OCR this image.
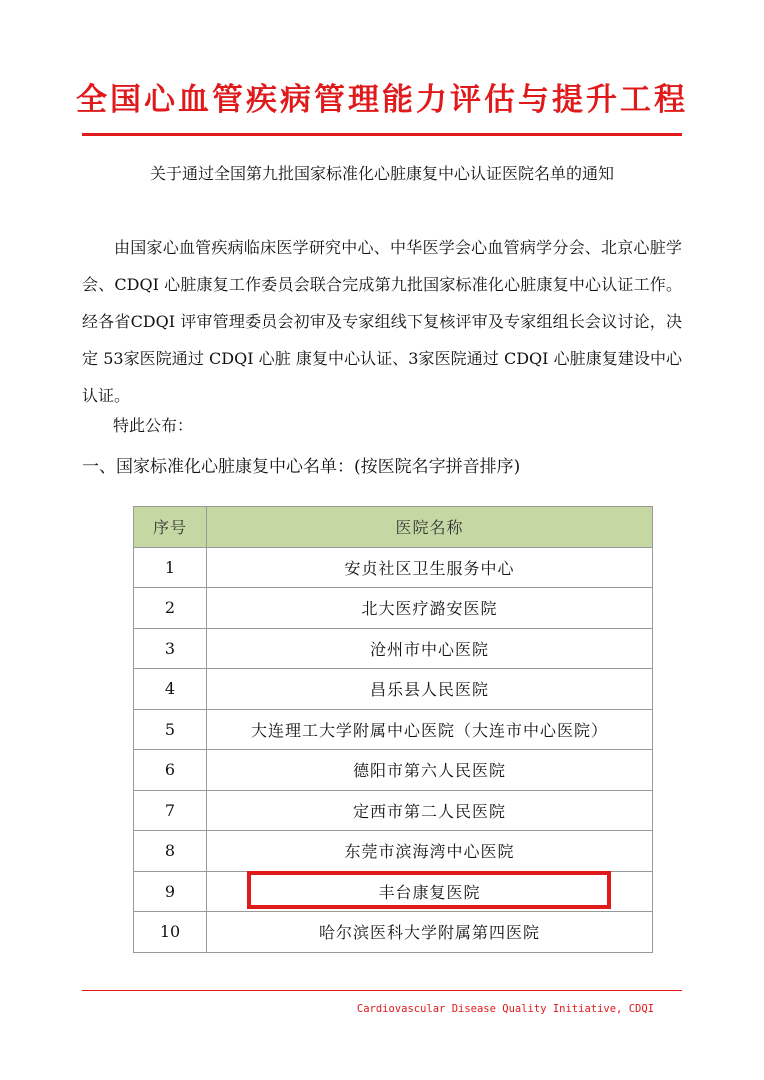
全国心血管疾病管理能力评估与提升工程
关于通过全国第九批国家标准化心脏康复中心认证医院名单的通知
由国家心血管疾病临床医学研究中心、中华医学会心血管病学分会、北京心脏学会、CDQI 心脏康复工作委员会联合完成第九批国家标准化心脏康复中心认证工作。经各省CDQI 评审管理委员会初审及专家组线下复核评审及专家组组长会议讨论，决定 53家医院通过 CDQI 心脏 康复中心认证、3家医院通过 CDQI 心脏康复建设中心认证。
特此公布：
一、国家标准化心脏康复中心名单：(按医院名字拼音排序)
序号	医院名称
1	安贞社区卫生服务中心
2	北大医疗潞安医院
3	沧州市中心医院
4	昌乐县人民医院
5	大连理工大学附属中心医院（大连市中心医院）
6	德阳市第六人民医院
7	定西市第二人民医院
8	东莞市滨海湾中心医院
9	丰台康复医院
10	哈尔滨医科大学附属第四医院
Cardiovascular Disease Quality Initiative, CDQI
